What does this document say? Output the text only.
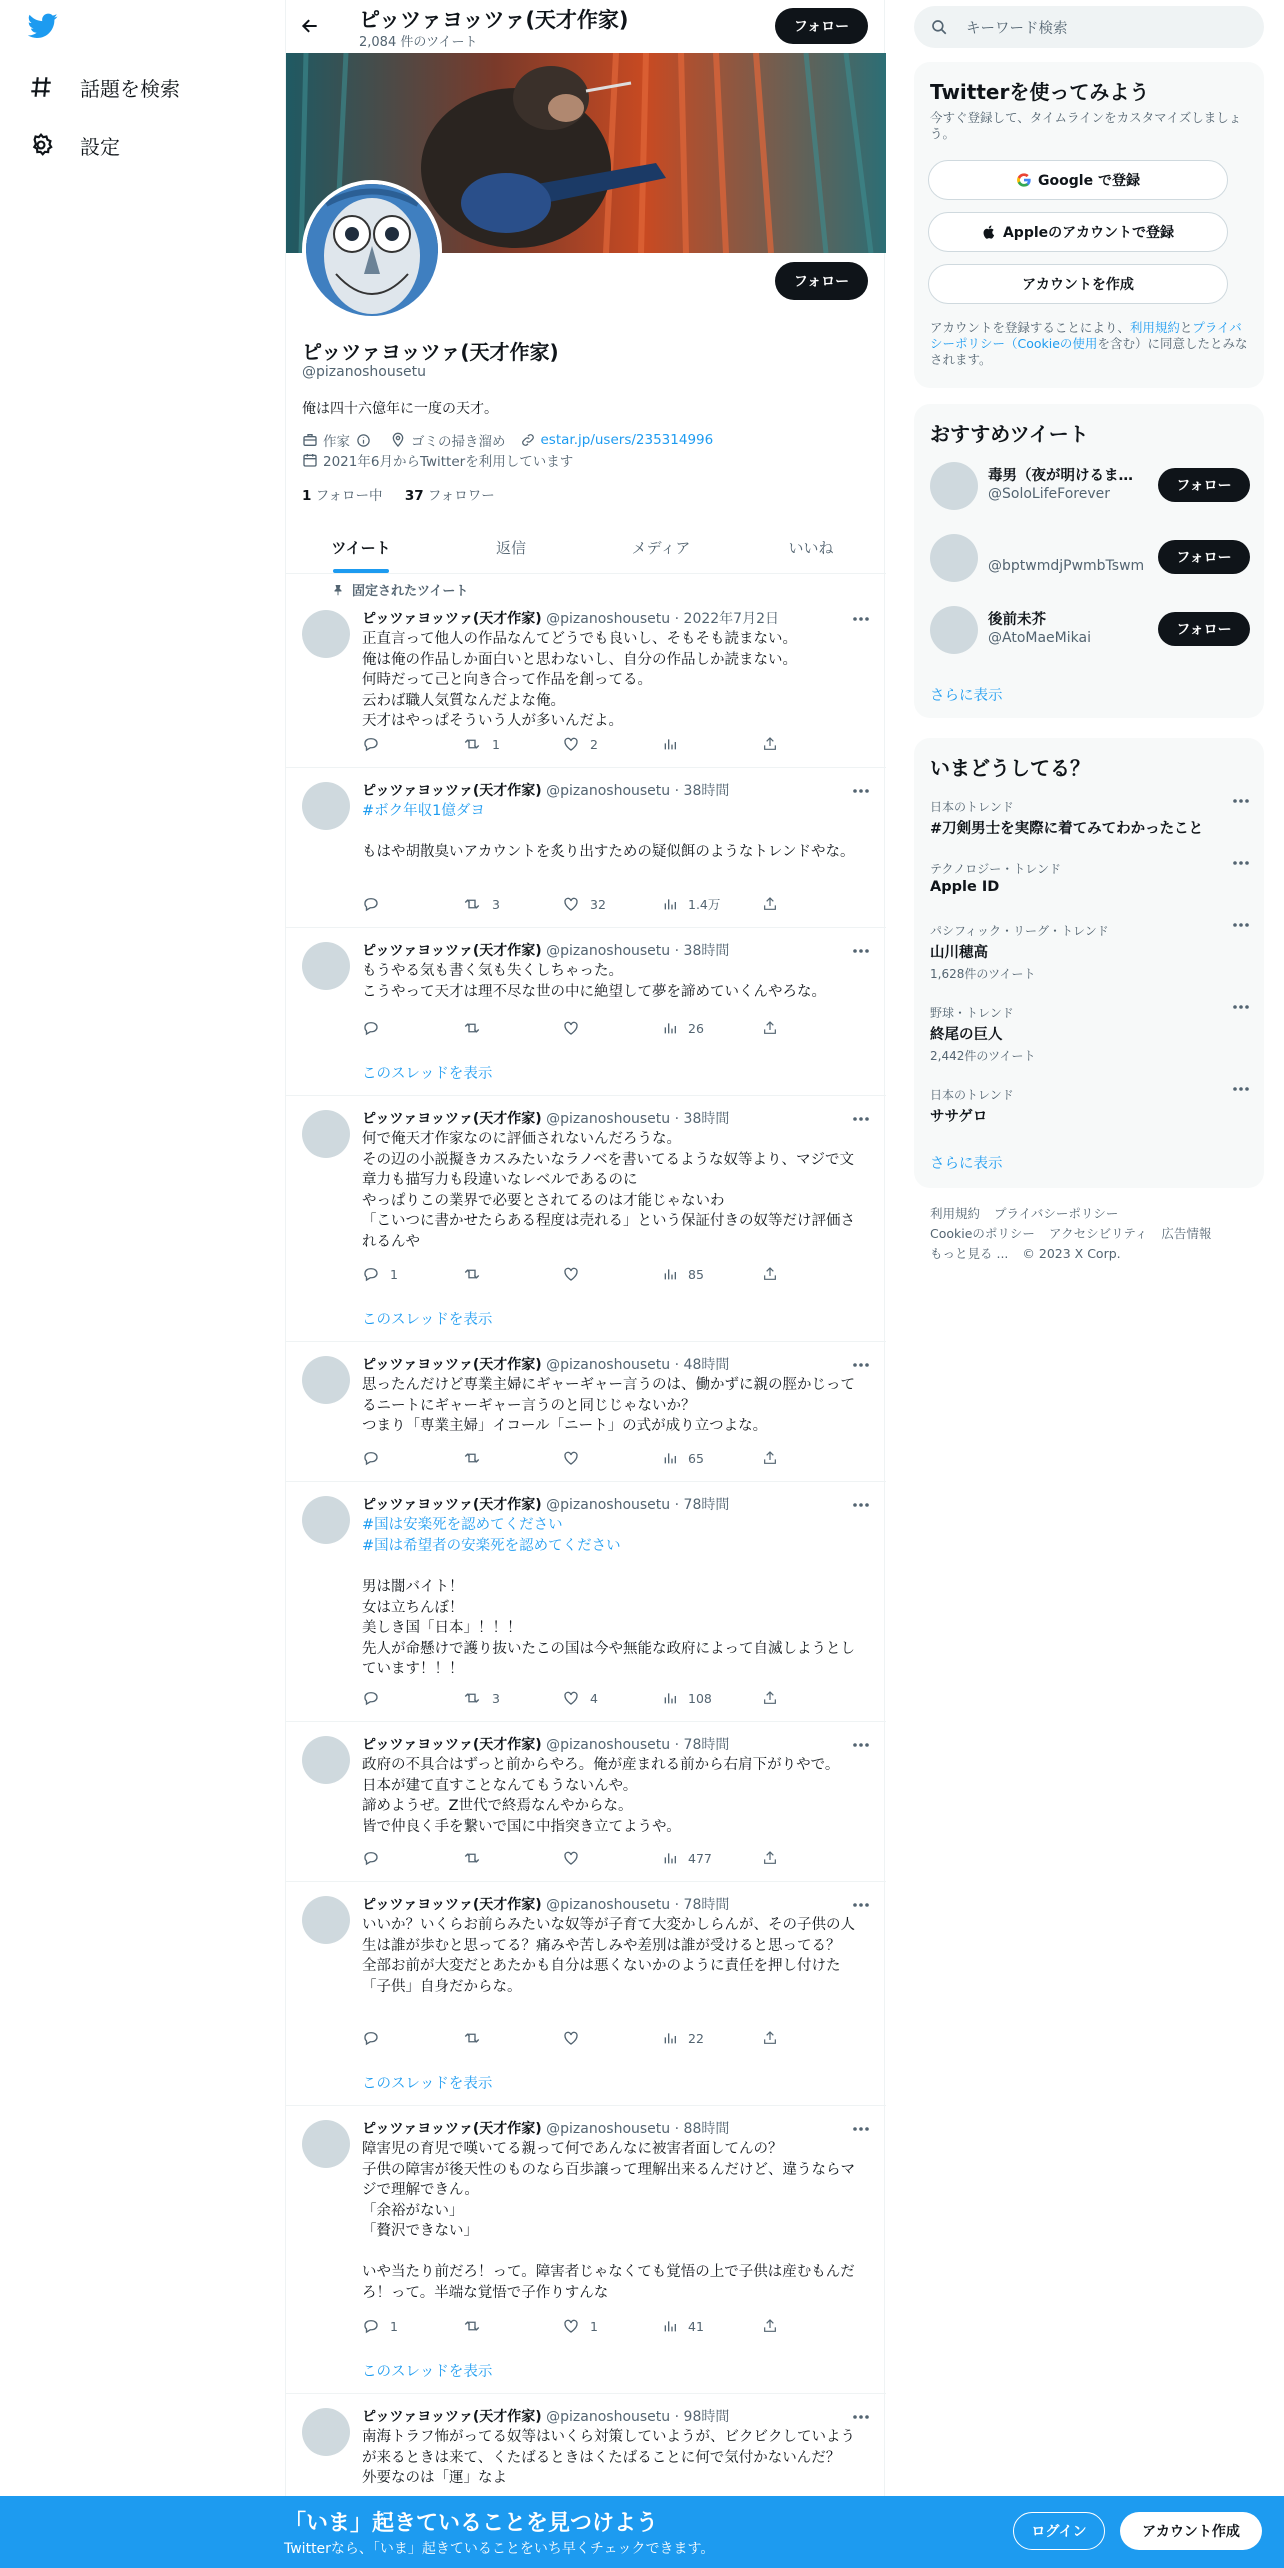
話題を検索
設定
ピッツァヨッツァ(天才作家)
2,084 件のツイート
フォロー
フォロー
ピッツァヨッツァ(天才作家)
@pizanoshousetu
俺は四十六億年に一度の天才。
作家	ゴミの掃き溜め	estar.jp/users/235314996
2021年6月からTwitterを利用しています
1 フォロー中 37 フォロワー
ツイート	返信	メディア	いいね
固定されたツイート
ピッツァヨッツァ(天才作家) @pizanoshousetu · 2022年7月2日
正直言って他人の作品なんてどうでも良いし、そもそも読まない。
俺は俺の作品しか面白いと思わないし、自分の作品しか読まない。
何時だって己と向き合って作品を創ってる。
云わば職人気質なんだよな俺。
天才はやっぱそういう人が多いんだよ。
1	2
ピッツァヨッツァ(天才作家) @pizanoshousetu · 38時間
#ボク年収1億ダヨ
もはや胡散臭いアカウントを炙り出すための疑似餌のようなトレンドやな。
3	32	1.4万
ピッツァヨッツァ(天才作家) @pizanoshousetu · 38時間
もうやる気も書く気も失くしちゃった。
こうやって天才は理不尽な世の中に絶望して夢を諦めていくんやろな。
26
このスレッドを表示
ピッツァヨッツァ(天才作家) @pizanoshousetu · 38時間
何で俺天才作家なのに評価されないんだろうな。
その辺の小説擬きカスみたいなラノベを書いてるような奴等より、マジで文章力も描写力も段違いなレベルであるのに
やっぱりこの業界で必要とされてるのは才能じゃないわ
「こいつに書かせたらある程度は売れる」という保証付きの奴等だけ評価されるんや
1	85
このスレッドを表示
ピッツァヨッツァ(天才作家) @pizanoshousetu · 48時間
思ったんだけど専業主婦にギャーギャー言うのは、働かずに親の脛かじってるニートにギャーギャー言うのと同じじゃないか？
つまり「専業主婦」イコール「ニート」の式が成り立つよな。
65
ピッツァヨッツァ(天才作家) @pizanoshousetu · 78時間
#国は安楽死を認めてください
#国は希望者の安楽死を認めてください
男は闇バイト！
女は立ちんぼ！
美しき国「日本」！！！
先人が命懸けで護り抜いたこの国は今や無能な政府によって自滅しようとしています！！！
3	4	108
ピッツァヨッツァ(天才作家) @pizanoshousetu · 78時間
政府の不具合はずっと前からやろ。俺が産まれる前から右肩下がりやで。
日本が建て直すことなんてもうないんや。
諦めようぜ。Z世代で終焉なんやからな。
皆で仲良く手を繋いで国に中指突き立てようや。
477
ピッツァヨッツァ(天才作家) @pizanoshousetu · 78時間
いいか？いくらお前らみたいな奴等が子育て大変かしらんが、その子供の人生は誰が歩むと思ってる？痛みや苦しみや差別は誰が受けると思ってる？
全部お前が大変だとあたかも自分は悪くないかのように責任を押し付けた「子供」自身だからな。
22
このスレッドを表示
ピッツァヨッツァ(天才作家) @pizanoshousetu · 88時間
障害児の育児で嘆いてる親って何であんなに被害者面してんの？
子供の障害が後天性のものなら百歩譲って理解出来るんだけど、違うならマジで理解できん。
「余裕がない」
「贅沢できない」

いや当たり前だろ！って。障害者じゃなくても覚悟の上で子供は産むもんだろ！って。半端な覚悟で子作りすんな
1	1	41
このスレッドを表示
ピッツァヨッツァ(天才作家) @pizanoshousetu · 98時間
南海トラフ怖がってる奴等はいくら対策していようが、ビクビクしていようが来るときは来て、くたばるときはくたばることに何で気付かないんだ？
外要なのは「運」なよ
キーワード検索
Twitterを使ってみよう
今すぐ登録して、タイムラインをカスタマイズしましょう。
Google で登録
Appleのアカウントで登録
アカウントを作成
アカウントを登録することにより、利用規約とプライバシーポリシー（Cookieの使用を含む）に同意したとみなされます。
おすすめツイート
毒男（夜が明けるま…
@SoloLifeForever	フォロー
@bptwmdjPwmbTswm	フォロー
後前未芥
@AtoMaeMikai	フォロー
さらに表示
いまどうしてる？
日本のトレンド
#刀剣男士を実際に着てみてわかったこと
テクノロジー・トレンド
Apple ID
パシフィック・リーグ・トレンド
山川穂高
1,628件のツイート
野球・トレンド
終尾の巨人
2,442件のツイート
日本のトレンド
ササゲロ
さらに表示
利用規約 プライバシーポリシー
Cookieのポリシー アクセシビリティ 広告情報
もっと見る ... © 2023 X Corp.
「いま」起きていることを見つけよう
Twitterなら、「いま」起きていることをいち早くチェックできます。
ログイン	アカウント作成
